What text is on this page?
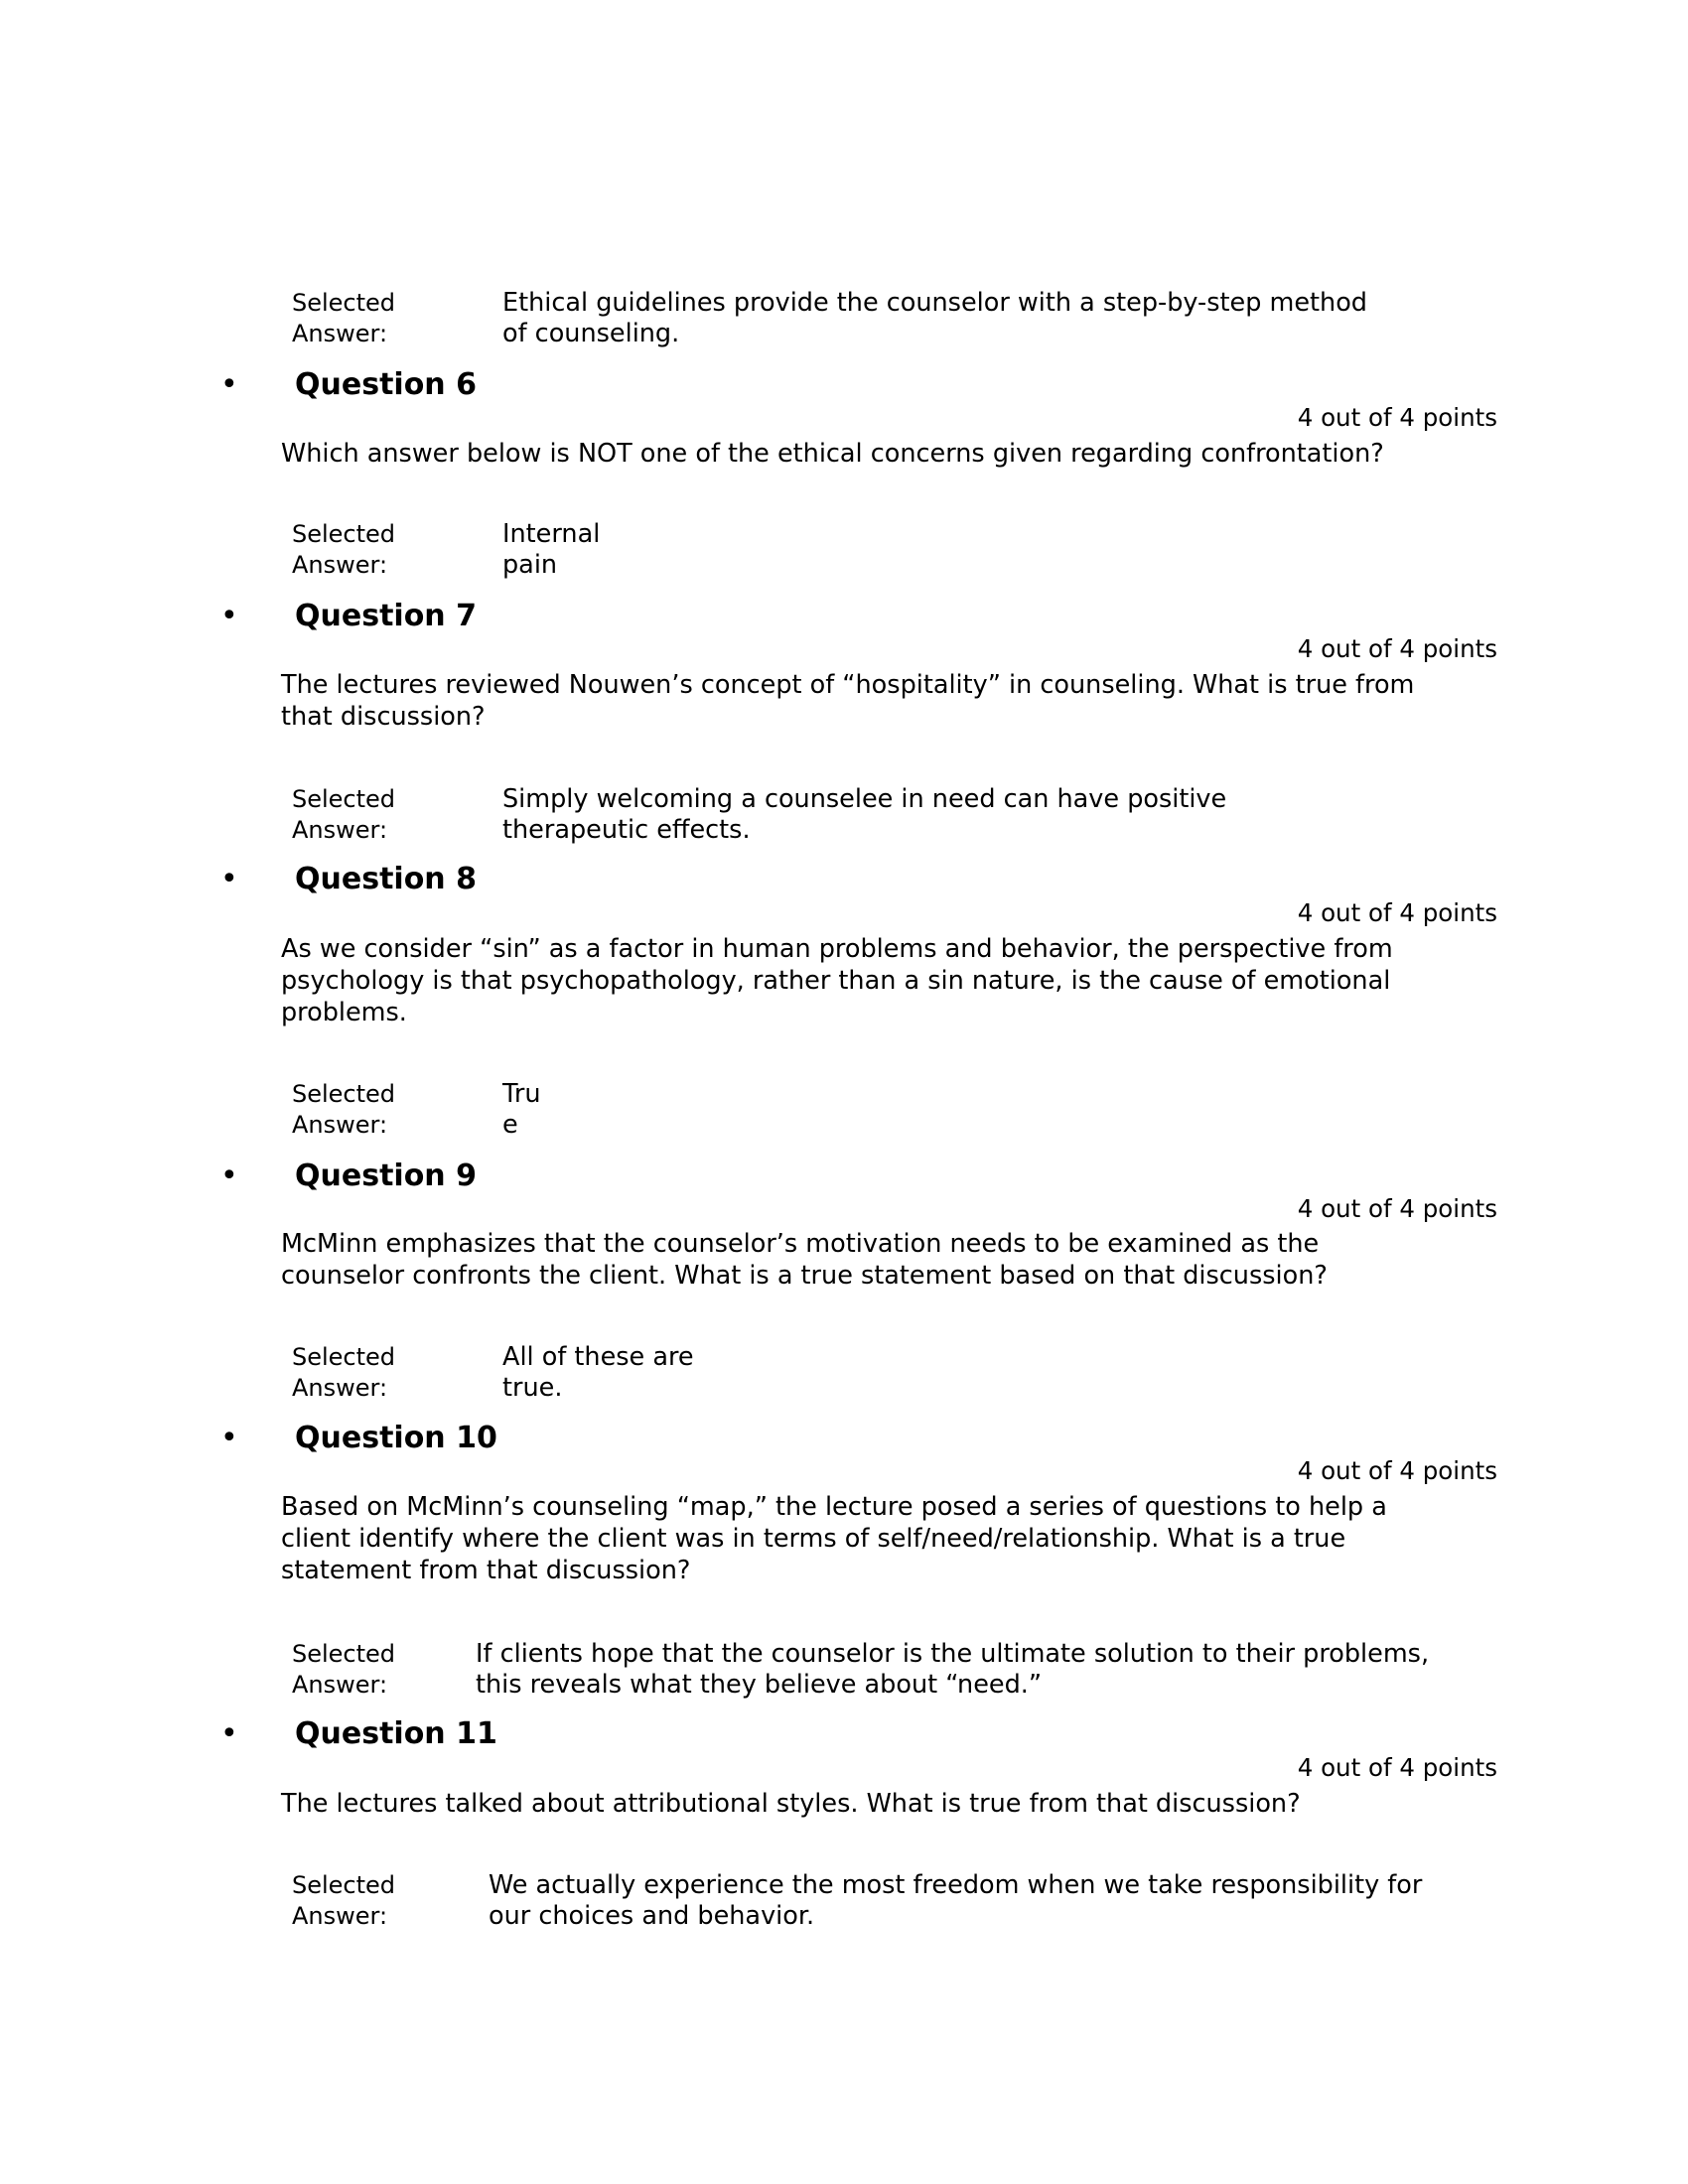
Selected
Answer:
Ethical guidelines provide the counselor with a step-by-step method
of counseling.
• Question 6
4 out of 4 points
Which answer below is NOT one of the ethical concerns given regarding confrontation?
Selected
Answer:
Internal
pain
• Question 7
4 out of 4 points
The lectures reviewed Nouwen’s concept of “hospitality” in counseling. What is true from
that discussion?
Selected
Answer:
Simply welcoming a counselee in need can have positive
therapeutic effects.
• Question 8
4 out of 4 points
As we consider “sin” as a factor in human problems and behavior, the perspective from
psychology is that psychopathology, rather than a sin nature, is the cause of emotional
problems.
Selected
Answer:
Tru
e
• Question 9
4 out of 4 points
McMinn emphasizes that the counselor’s motivation needs to be examined as the
counselor confronts the client. What is a true statement based on that discussion?
Selected
Answer:
All of these are
true.
• Question 10
4 out of 4 points
Based on McMinn’s counseling “map,” the lecture posed a series of questions to help a
client identify where the client was in terms of self/need/relationship. What is a true
statement from that discussion?
Selected
Answer:
If clients hope that the counselor is the ultimate solution to their problems,
this reveals what they believe about “need.”
• Question 11
4 out of 4 points
The lectures talked about attributional styles. What is true from that discussion?
Selected
Answer:
We actually experience the most freedom when we take responsibility for
our choices and behavior.
